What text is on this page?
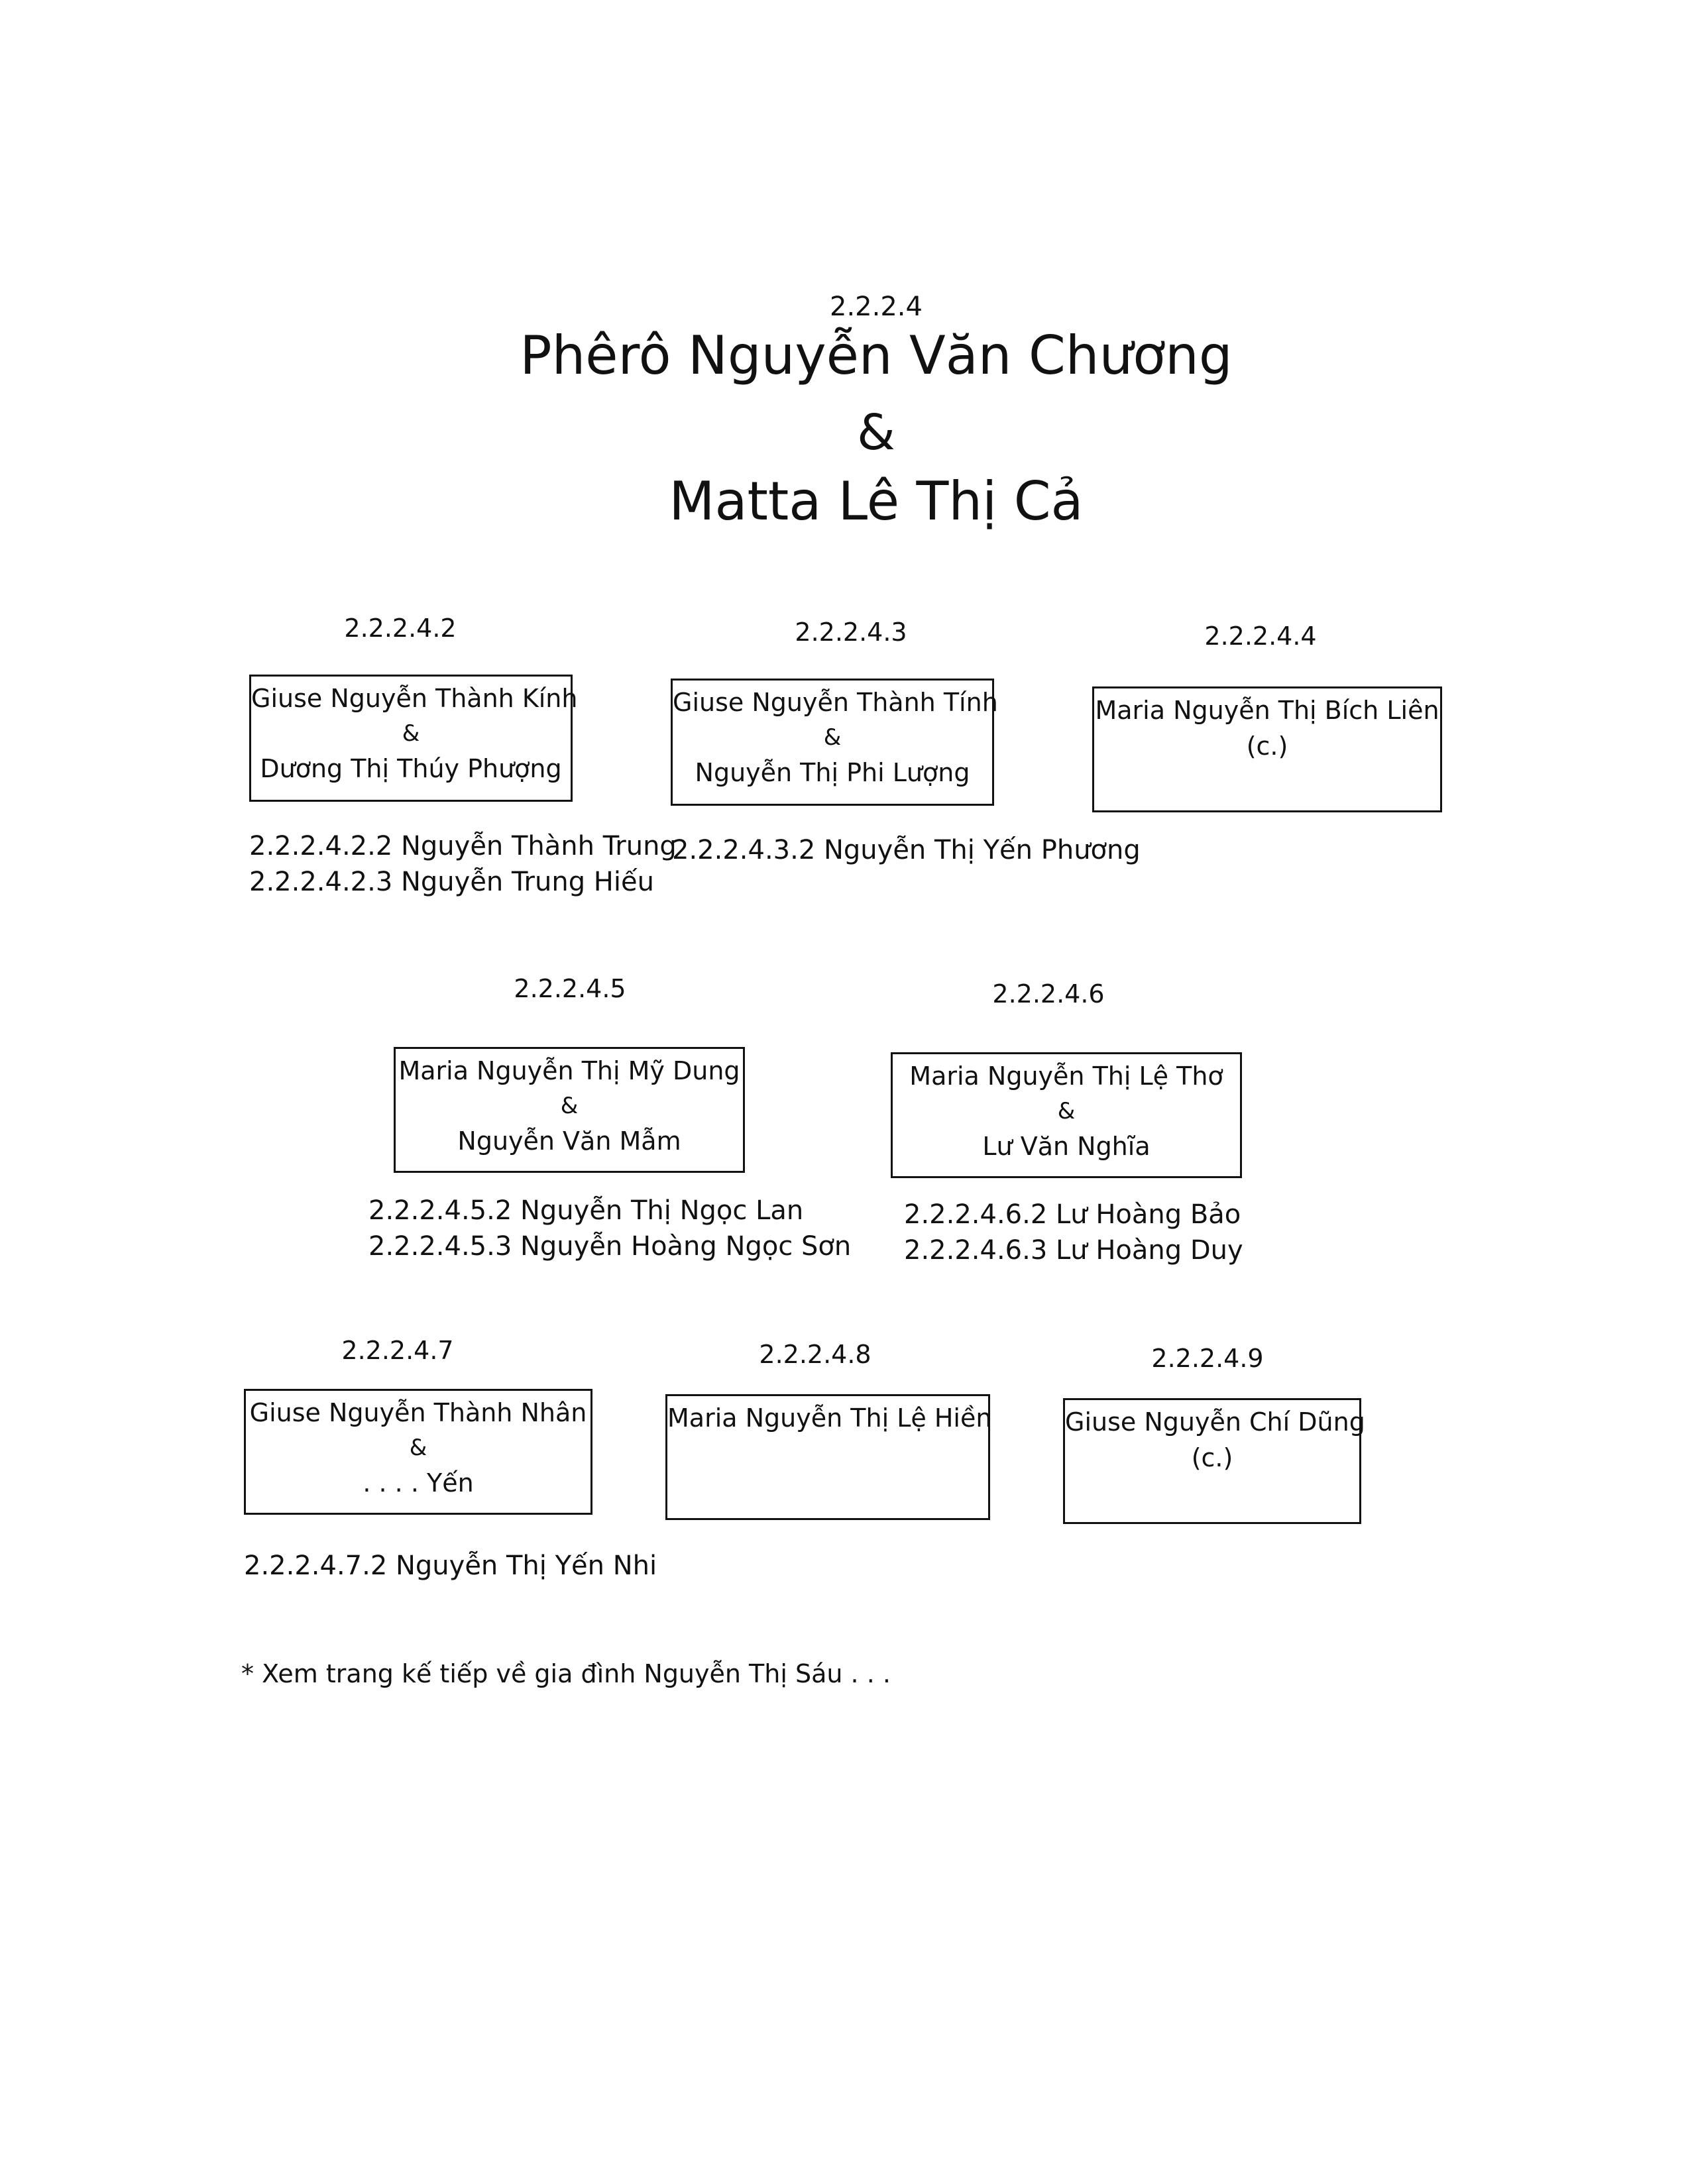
2.2.2.4
Phêrô Nguyễn Văn Chương
&
Matta Lê Thị Cả
2.2.2.4.2
Giuse Nguyễn Thành Kính
&
Dương Thị Thúy Phượng
2.2.2.4.2.2 Nguyễn Thành Trung
2.2.2.4.2.3 Nguyễn Trung Hiếu
2.2.2.4.3
Giuse Nguyễn Thành Tính
&
Nguyễn Thị Phi Lượng
2.2.2.4.3.2 Nguyễn Thị Yến Phương
2.2.2.4.4
Maria Nguyễn Thị Bích Liên
(c.)
2.2.2.4.5
Maria Nguyễn Thị Mỹ Dung
&
Nguyễn Văn Mẫm
2.2.2.4.5.2 Nguyễn Thị Ngọc Lan
2.2.2.4.5.3 Nguyễn Hoàng Ngọc Sơn
2.2.2.4.6
Maria Nguyễn Thị Lệ Thơ
&
Lư Văn Nghĩa
2.2.2.4.6.2 Lư Hoàng Bảo
2.2.2.4.6.3 Lư Hoàng Duy
2.2.2.4.7
Giuse Nguyễn Thành Nhân
&
. . . . Yến
2.2.2.4.7.2 Nguyễn Thị Yến Nhi
2.2.2.4.8
Maria Nguyễn Thị Lệ Hiền
2.2.2.4.9
Giuse Nguyễn Chí Dũng
(c.)
* Xem trang kế tiếp về gia đình Nguyễn Thị Sáu . . .
